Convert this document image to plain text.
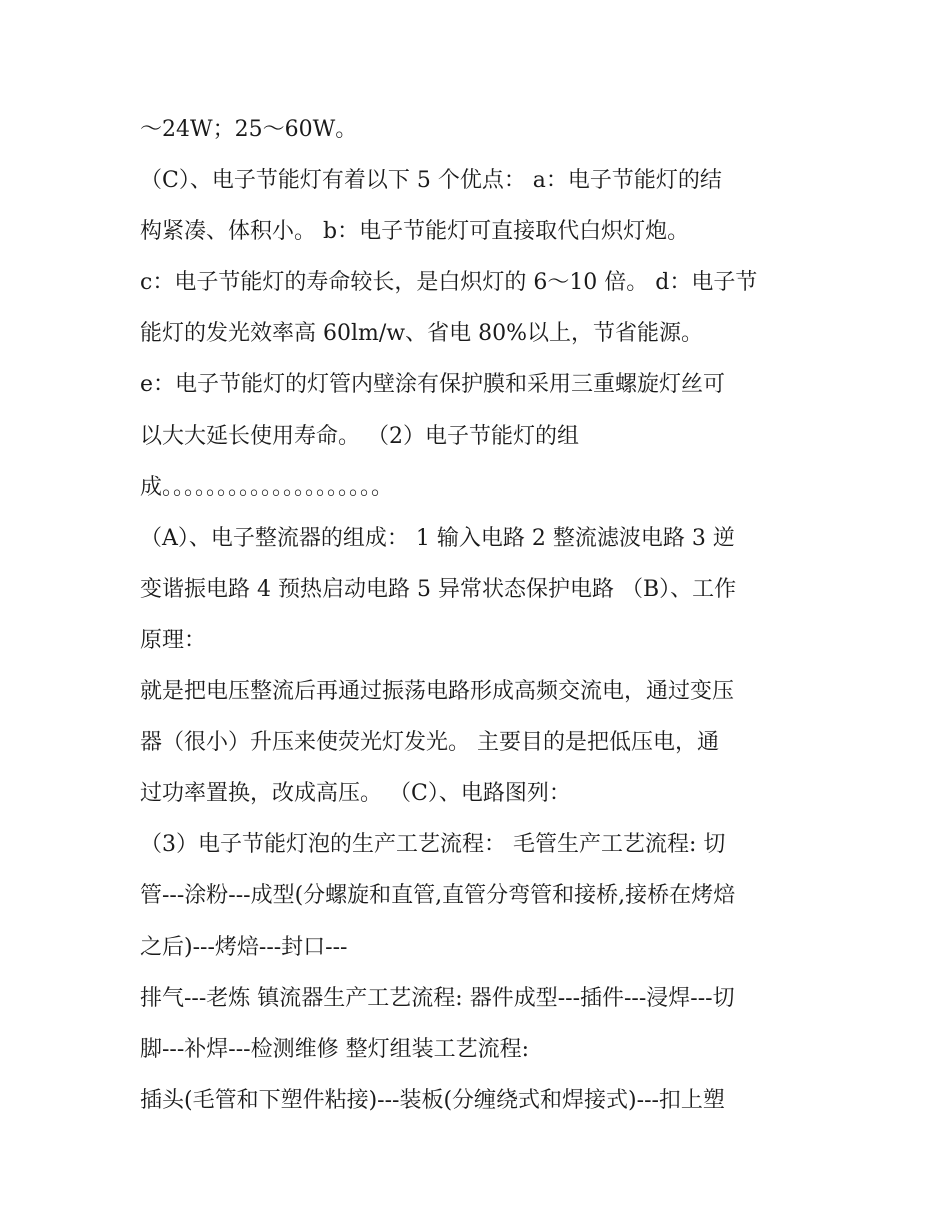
～24W；25～60W。
（C）、电子节能灯有着以下 5 个优点： a：电子节能灯的结
构紧凑、体积小。 b：电子节能灯可直接取代白炽灯炮。
c：电子节能灯的寿命较长，是白炽灯的 6～10 倍。 d：电子节
能灯的发光效率高 60lm/w、省电 80%以上，节省能源。
e：电子节能灯的灯管内壁涂有保护膜和采用三重螺旋灯丝可
以大大延长使用寿命。 （2）电子节能灯的组
成。。。。。。。。。。。。。。。。。。。。
（A）、电子整流器的组成： 1 输入电路 2 整流滤波电路 3 逆
变谐振电路 4 预热启动电路 5 异常状态保护电路 （B）、工作
原理：
就是把电压整流后再通过振荡电路形成高频交流电，通过变压
器（很小）升压来使荧光灯发光。 主要目的是把低压电，通
过功率置换，改成高压。 （C）、电路图列：
（3）电子节能灯泡的生产工艺流程： 毛管生产工艺流程: 切
管---涂粉---成型(分螺旋和直管,直管分弯管和接桥,接桥在烤焙
之后)---烤焙---封口---
排气---老炼 镇流器生产工艺流程: 器件成型---插件---浸焊---切
脚---补焊---检测维修 整灯组装工艺流程:
插头(毛管和下塑件粘接)---装板(分缠绕式和焊接式)---扣上塑
